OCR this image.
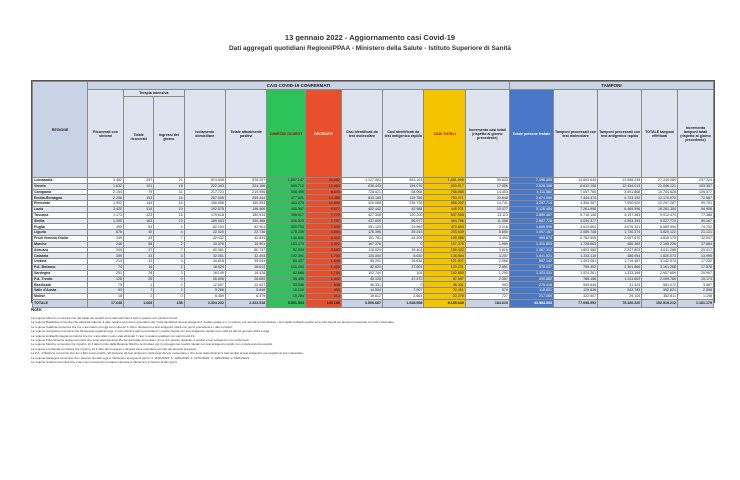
13 gennaio 2022 - Aggiornamento casi Covid-19
Dati aggregati quotidiani Regioni/PPAA - Ministero della Salute - Istituto Superiore di Sanità
REGIONE	CASI COVID-19 CONFERMATI											TAMPONI				
	Ricoverati con sintomi	Terapia intensiva		Isolamento domiciliare	Totale attualmente positivi	DIMESSI/ GUARITI	DECEDUTI	Casi identificati da test molecolare	Casi identificati da test antigenico rapido	CASI TOTALI	Incremento casi totali (rispetto al giorno precedente)	Totale persone testate	Tamponi processati con test molecolare	Tamponi processati con test antigenico rapido	TOTALE tamponi effettuati	Incremento tamponi totali (rispetto al giorno precedente)
		Totale ricoverati	Ingressi del giorno													
Lombardia	3.452	257	21	574.548	578.257	1.067.147	35.662	1.127.963	553.103	1.681.066	39.633	7.196.405	13.693.644	13.558.245	27.249.089	237.324
Veneto	1.632	191	18	222.343	224.166	555.712	12.669	636.443	194.076	830.517	17.056	2.528.358	8.612.108	12.434.013	21.046.121	153.357
Campania	2.154	79	11	217.723	219.956	558.455	8.675	728.021	58.068	786.089	14.453	4.111.580	7.057.760	3.691.868	10.744.628	109.077
Emilia-Romagna	2.256	153	14	257.095	259.444	477.021	14.486	633.185	119.786	750.971	20.648	2.674.069	7.444.474	4.723.192	12.170.070	72.567
Piemonte	1.902	144	16	158.558	160.594	483.273	12.690	420.068	235.728	656.002	14.741	3.297.714	4.306.367	7.990.920	12.297.287	99.791
Lazio	3.420	314	19	192.578	196.466	455.597	9.677	402.442	42.988	445.231	10.377	5.126.484	7.261.998	8.469.596	16.281.354	94.908
Toscana	1.173	123	16	179.618	180.914	358.817	7.779	427.308	120.200	547.508	13.113	3.889.467	5.715.108	4.197.363	9.912.470	77.388
Sicilia	1.300	163	13	189.003	190.466	336.529	7.797	437.809	56.977	494.786	11.358	2.687.728	4.034.377	4.993.393	9.027.770	59.167
Puglia	495	53	4	62.153	62.901	300.754	7.009	351.125	19.569	370.694	3.218	1.859.595	3.513.663	3.076.331	6.589.994	74.752
Liguria	676	40	4	22.020	22.736	178.209	4.694	176.396	29.243	205.639	5.650	1.097.157	2.089.748	1.730.374	3.820.122	21.121
Friuli Venezia Giulia	349	43	7	42.432	42.834	148.840	4.312	151.781	44.205	195.986	4.493	999.674	2.752.505	2.057.670	4.810.175	32.047
Marche	246	58	2	10.576	10.901	153.174	3.302	167.376	0	167.376	1.959	1.310.863	1.728.863	456.363	2.185.226	17.684
Abruzzo	349	37	7	60.361	60.747	92.004	2.680	116.029	39.403	155.432	3.616	1.087.312	1.803.465	2.207.803	4.011.268	29.417
Calabria	399	33	3	32.061	32.493	102.391	1.700	130.054	5.630	136.584	3.207	1.441.521	1.333.119	486.954	1.820.073	13.995
Umbria	214	12	0	34.818	35.044	85.337	1.548	95.291	26.638	121.927	2.068	587.142	1.403.081	1.719.487	3.142.570	17.232
P.A. Bolzano	74	16	2	18.524	18.614	100.293	1.325	82.623	37.603	120.221	2.651	578.037	799.402	2.361.866	3.161.268	17.878
Sardegna	251	28	3	18.149	18.428	82.668	1.754	102.744	104	102.850	1.290	1.303.031	1.574.261	1.333.398	2.907.659	20.997
P.A. Trento	128	25	0	26.506	26.659	59.496	1.442	40.125	47.472	87.597	2.357	490.882	786.158	1.211.602	2.009.760	15.174
Basilicata	79	1	0	12.557	12.637	33.046	648	46.331	0	46.331	953	275.415	549.648	31.424	581.072	3.467
Valle d'Aosta	53	7	2	5.788	5.848	16.120	493	14.554	7.907	22.461	574	118.621	129.838	262.783	392.621	2.598
Molise	18	2	0	6.459	6.479	15.284	513	19.612	2.664	22.276	727	217.069	322.507	29.104	352.611	1.198
TOTALE	17.648	1.668	158	2.304.202	2.323.518	5.801.934	140.188	6.506.687	1.648.958	8.155.645	184.615	43.584.304	77.098.992	75.420.220	152.519.212	1.181.179
Note:
La regione Abruzzo comunica che del totale dei positivi sono stati eliminati 2 casi in quanto non pazienti Covid.
La regione Basilicata comunica che alla data odierna, il dato relativo al numero giornaliero dei "Casi identificati da test antigenico" risulta uguale a 0, in quanto, pur avendo somministrati, i test rapidi risultanti positivi sono tutti rilevati sui tamponi processati con test molecolare.
La regione Calabria comunica che tra i casi odierni di oggi sono ulteriori 1.100 e riferiscono a test antigenici rapidi con giorni precedenti e i dati correttivi.
La regione Campania comunica che 33 decessi registrati oggi, 2 sono riferiti a giorni precedenti; i positivi rilevati con test antigenico rapido sono stati 41 dal 10 gennaio 2021 a oggi.
La regione Emilia-Romagna comunica che tra i casi odierni sono stati eliminati 7 casi, in quanto giudicati non casi Covid-19.
La regione Friuli Venezia Giulia comunica che sono stati eliminati 45 casi dal totale dei positivi, di cui 4 in quanto duplicati, 6 positivi a test antigenico non confermati.
La regione Marche comunica che il giorno 12 il dato fornito dalla Regione Marche la circolare per il conteggio dei positivi rilevati con test antigenico rapido non è stata ancora recepita.
La regione Lombardia comunica che il giorno 12 il dato dei ricoverati e dimessi deve intendersi al netto dei decessi pregressi.
La P.A. di Bolzano comunica che dei 1.601 nuovi positivi, 15 derivano da test antigenici confermati da test molecolare e che sono stati eliminati 3 casi positivi al test antigenico ma negativi al test molecolare.
La regione Sardegna comunica che i decessi riportati oggi si riferiscono ai seguenti giorni: 4: 11/01/2022; 5: 12/01/2022; 1: 07/01/2022; 4: 10/01/2022; 2: 09/01/2022.
La regione Umbria comunica che 2 dei nuovi ricoverati in terapia intensiva si riferiscono a ricoveri di altri giorni.
